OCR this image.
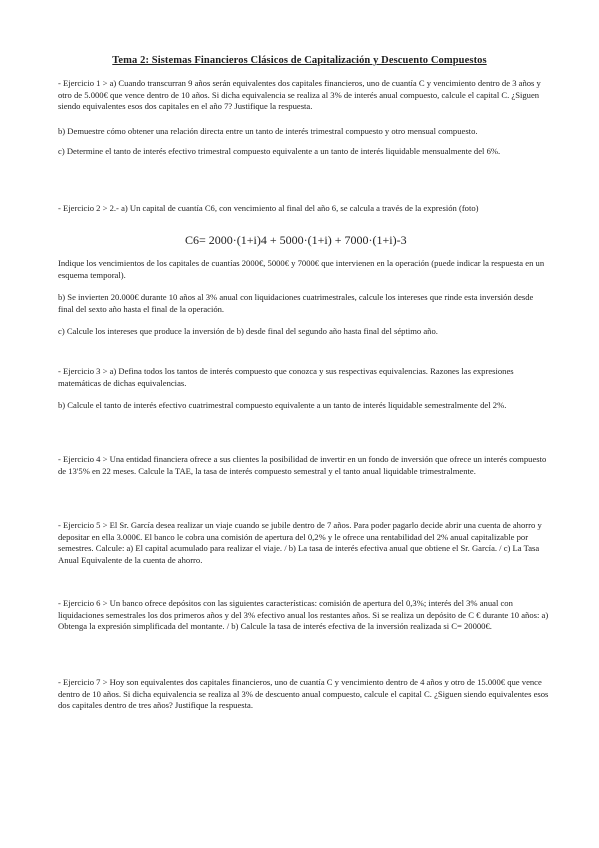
Tema 2: Sistemas Financieros Clásicos de Capitalización y Descuento Compuestos

- Ejercicio 1 > a) Cuando transcurran 9 años serán equivalentes dos capitales financieros, uno de cuantía C y vencimiento dentro de 3 años y otro de 5.000€ que vence dentro de 10 años. Si dicha equivalencia se realiza al 3% de interés anual compuesto, calcule el capital C. ¿Siguen siendo equivalentes esos dos capitales en el año 7? Justifique la respuesta.

b) Demuestre cómo obtener una relación directa entre un tanto de interés trimestral compuesto y otro mensual compuesto.

c) Determine el tanto de interés efectivo trimestral compuesto equivalente a un tanto de interés liquidable mensualmente del 6%.

- Ejercicio 2 > 2.- a) Un capital de cuantía C6, con vencimiento al final del año 6, se calcula a través de la expresión (foto)

C6= 2000·(1+i)4 + 5000·(1+i) + 7000·(1+i)-3

Indique los vencimientos de los capitales de cuantías 2000€, 5000€ y 7000€ que intervienen en la operación (puede indicar la respuesta en un esquema temporal).

b) Se invierten 20.000€ durante 10 años al 3% anual con liquidaciones cuatrimestrales, calcule los intereses que rinde esta inversión desde final del sexto año hasta el final de la operación.

c) Calcule los intereses que produce la inversión de b) desde final del segundo año hasta final del séptimo año.

- Ejercicio 3 > a) Defina todos los tantos de interés compuesto que conozca y sus respectivas equivalencias. Razones las expresiones matemáticas de dichas equivalencias.

b) Calcule el tanto de interés efectivo cuatrimestral compuesto equivalente a un tanto de interés liquidable semestralmente del 2%.

- Ejercicio 4 > Una entidad financiera ofrece a sus clientes la posibilidad de invertir en un fondo de inversión que ofrece un interés compuesto de 13'5% en 22 meses. Calcule la TAE, la tasa de interés compuesto semestral y el tanto anual liquidable trimestralmente.

- Ejercicio 5 > El Sr. García desea realizar un viaje cuando se jubile dentro de 7 años. Para poder pagarlo decide abrir una cuenta de ahorro y depositar en ella 3.000€. El banco le cobra una comisión de apertura del 0,2% y le ofrece una rentabilidad del 2% anual capitalizable por semestres. Calcule: a) El capital acumulado para realizar el viaje. / b) La tasa de interés efectiva anual que obtiene el Sr. García. / c) La Tasa Anual Equivalente de la cuenta de ahorro.

- Ejercicio 6 > Un banco ofrece depósitos con las siguientes características: comisión de apertura del 0,3%; interés del 3% anual con liquidaciones semestrales los dos primeros años y del 3% efectivo anual los restantes años. Si se realiza un depósito de C € durante 10 años: a) Obtenga la expresión simplificada del montante. / b) Calcule la tasa de interés efectiva de la inversión realizada si C= 20000€.

- Ejercicio 7 > Hoy son equivalentes dos capitales financieros, uno de cuantía C y vencimiento dentro de 4 años y otro de 15.000€ que vence dentro de 10 años. Si dicha equivalencia se realiza al 3% de descuento anual compuesto, calcule el capital C. ¿Siguen siendo equivalentes esos dos capitales dentro de tres años? Justifique la respuesta.
